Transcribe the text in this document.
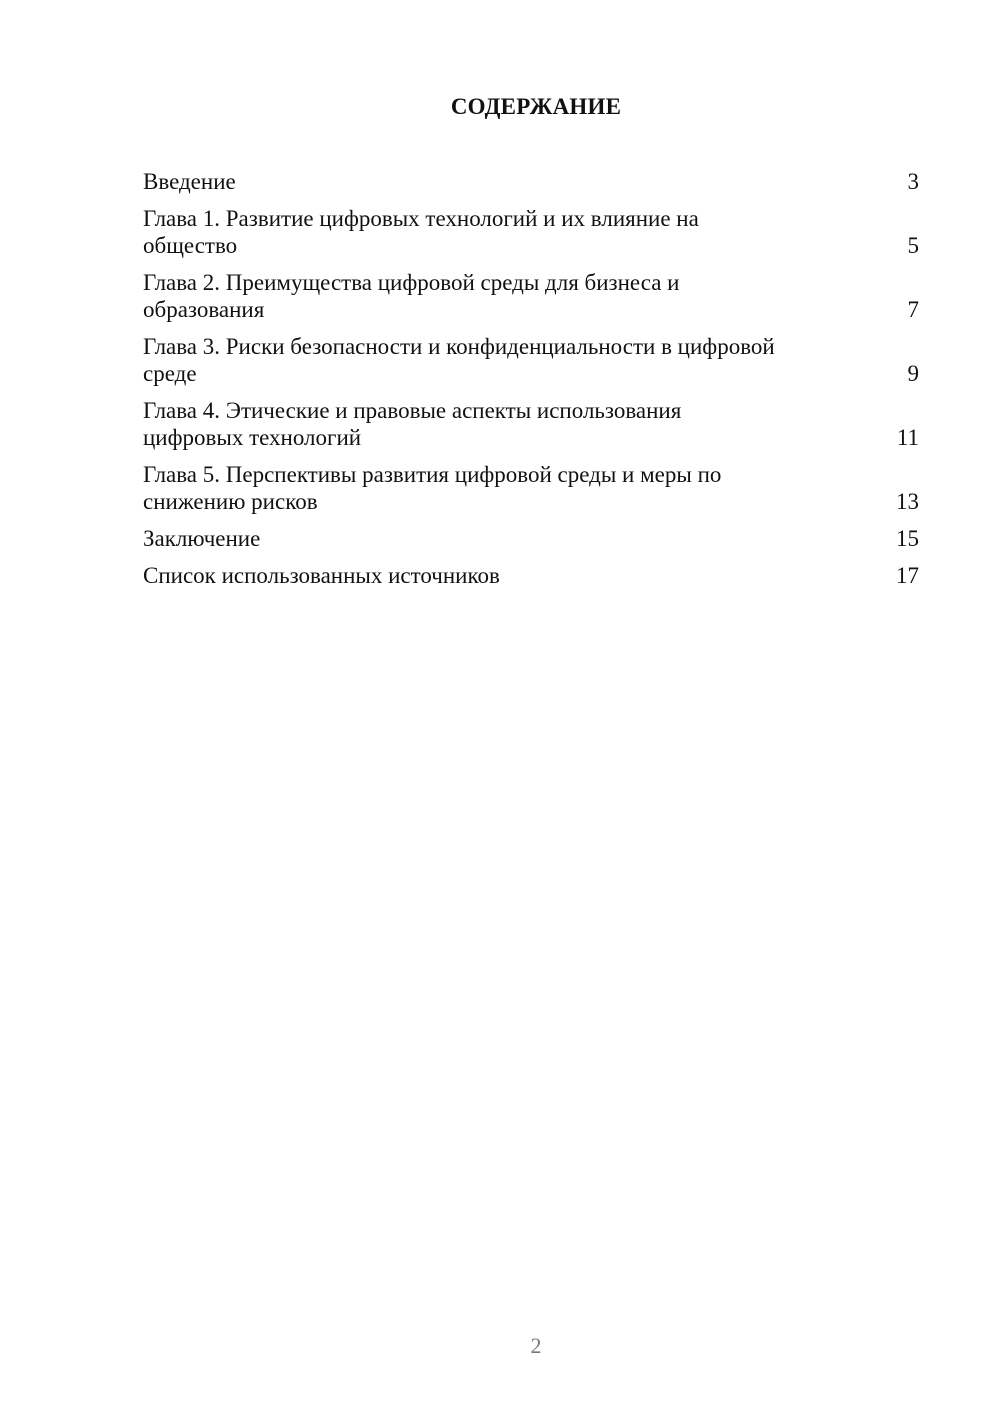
СОДЕРЖАНИЕ
Введение	3
Глава 1. Развитие цифровых технологий и их влияние на общество	5
Глава 2. Преимущества цифровой среды для бизнеса и образования	7
Глава 3. Риски безопасности и конфиденциальности в цифровой среде	9
Глава 4. Этические и правовые аспекты использования цифровых технологий	11
Глава 5. Перспективы развития цифровой среды и меры по снижению рисков	13
Заключение	15
Список использованных источников	17
2
